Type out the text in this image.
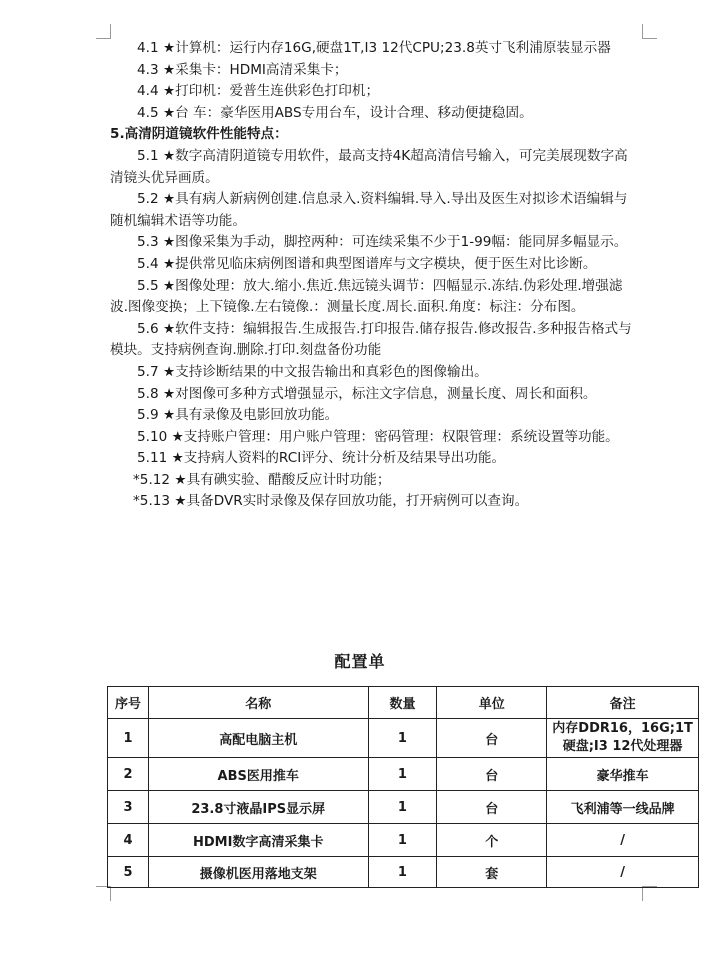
4.1 ★计算机：运行内存16G,硬盘1T,I3 12代CPU;23.8英寸飞利浦原装显示器

4.3 ★采集卡：HDMI高清采集卡；

4.4 ★打印机：爱普生连供彩色打印机；

4.5 ★台 车：豪华医用ABS专用台车，设计合理、移动便捷稳固。

5.高清阴道镜软件性能特点：

5.1 ★数字高清阴道镜专用软件，最高支持4K超高清信号输入，可完美展现数字高清镜头优异画质。

5.2 ★具有病人新病例创建.信息录入.资料编辑.导入.导出及医生对拟诊术语编辑与随机编辑术语等功能。

5.3 ★图像采集为手动，脚控两种：可连续采集不少于1-99幅：能同屏多幅显示。

5.4 ★提供常见临床病例图谱和典型图谱库与文字模块，便于医生对比诊断。

5.5 ★图像处理：放大.缩小.焦近.焦远镜头调节：四幅显示.冻结.伪彩处理.增强滤波.图像变换；上下镜像.左右镜像.：测量长度.周长.面积.角度：标注：分布图。

5.6 ★软件支持：编辑报告.生成报告.打印报告.储存报告.修改报告.多种报告格式与模块。支持病例查询.删除.打印.刻盘备份功能

5.7 ★支持诊断结果的中文报告输出和真彩色的图像输出。

5.8 ★对图像可多种方式增强显示，标注文字信息，测量长度、周长和面积。

5.9 ★具有录像及电影回放功能。

5.10 ★支持账户管理：用户账户管理：密码管理：权限管理：系统设置等功能。

5.11 ★支持病人资料的RCI评分、统计分析及结果导出功能。

*5.12 ★具有碘实验、醋酸反应计时功能；

*5.13 ★具备DVR实时录像及保存回放功能，打开病例可以查询。

配置单
序号	名称	数量	单位	备注
1	高配电脑主机	1	台	内存DDR16，16G;1T硬盘;I3 12代处理器
2	ABS医用推车	1	台	豪华推车
3	23.8寸液晶IPS显示屏	1	台	飞利浦等一线品牌
4	HDMI数字高清采集卡	1	个	/
5	摄像机医用落地支架	1	套	/
